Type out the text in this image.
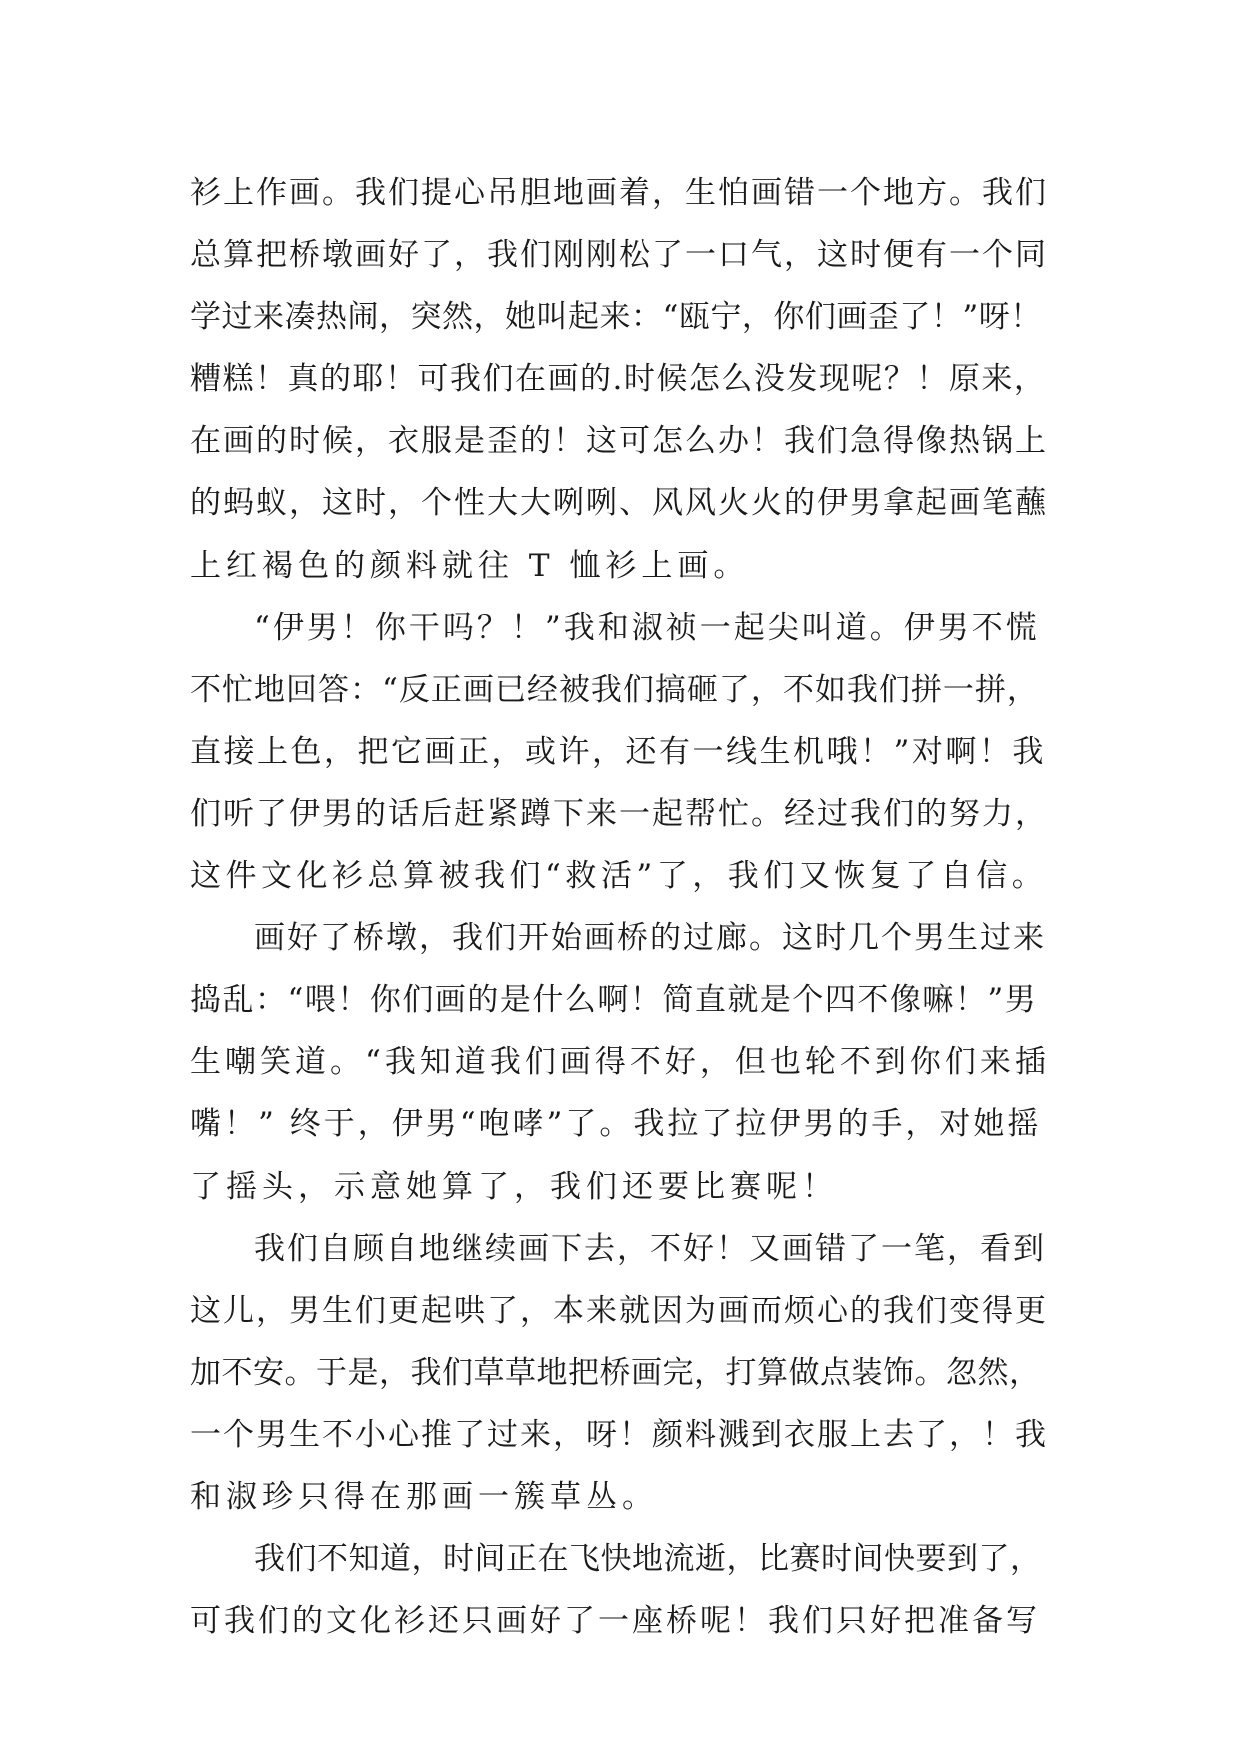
衫上作画。我们提心吊胆地画着，生怕画错一个地方。我们
总算把桥墩画好了，我们刚刚松了一口气，这时便有一个同
学过来凑热闹，突然，她叫起来：“瓯宁，你们画歪了！”呀！
糟糕！真的耶！可我们在画的.时候怎么没发现呢？！原来，
在画的时候，衣服是歪的！这可怎么办！我们急得像热锅上
的蚂蚁，这时，个性大大咧咧、风风火火的伊男拿起画笔蘸
上红褐色的颜料就往 T 恤衫上画。
“伊男！你干吗？！”我和淑祯一起尖叫道。伊男不慌
不忙地回答：“反正画已经被我们搞砸了，不如我们拼一拼，
直接上色，把它画正，或许，还有一线生机哦！”对啊！我
们听了伊男的话后赶紧蹲下来一起帮忙。经过我们的努力，
这件文化衫总算被我们“救活”了，我们又恢复了自信。
画好了桥墩，我们开始画桥的过廊。这时几个男生过来
捣乱：“喂！你们画的是什么啊！简直就是个四不像嘛！”男
生嘲笑道。“我知道我们画得不好，但也轮不到你们来插
嘴！” 终于，伊男“咆哮”了。我拉了拉伊男的手，对她摇
了摇头，示意她算了，我们还要比赛呢！
我们自顾自地继续画下去，不好！又画错了一笔，看到
这儿，男生们更起哄了，本来就因为画而烦心的我们变得更
加不安。于是，我们草草地把桥画完，打算做点装饰。忽然，
一个男生不小心推了过来，呀！颜料溅到衣服上去了，！我
和淑珍只得在那画一簇草丛。
我们不知道，时间正在飞快地流逝，比赛时间快要到了，
可我们的文化衫还只画好了一座桥呢！我们只好把准备写
